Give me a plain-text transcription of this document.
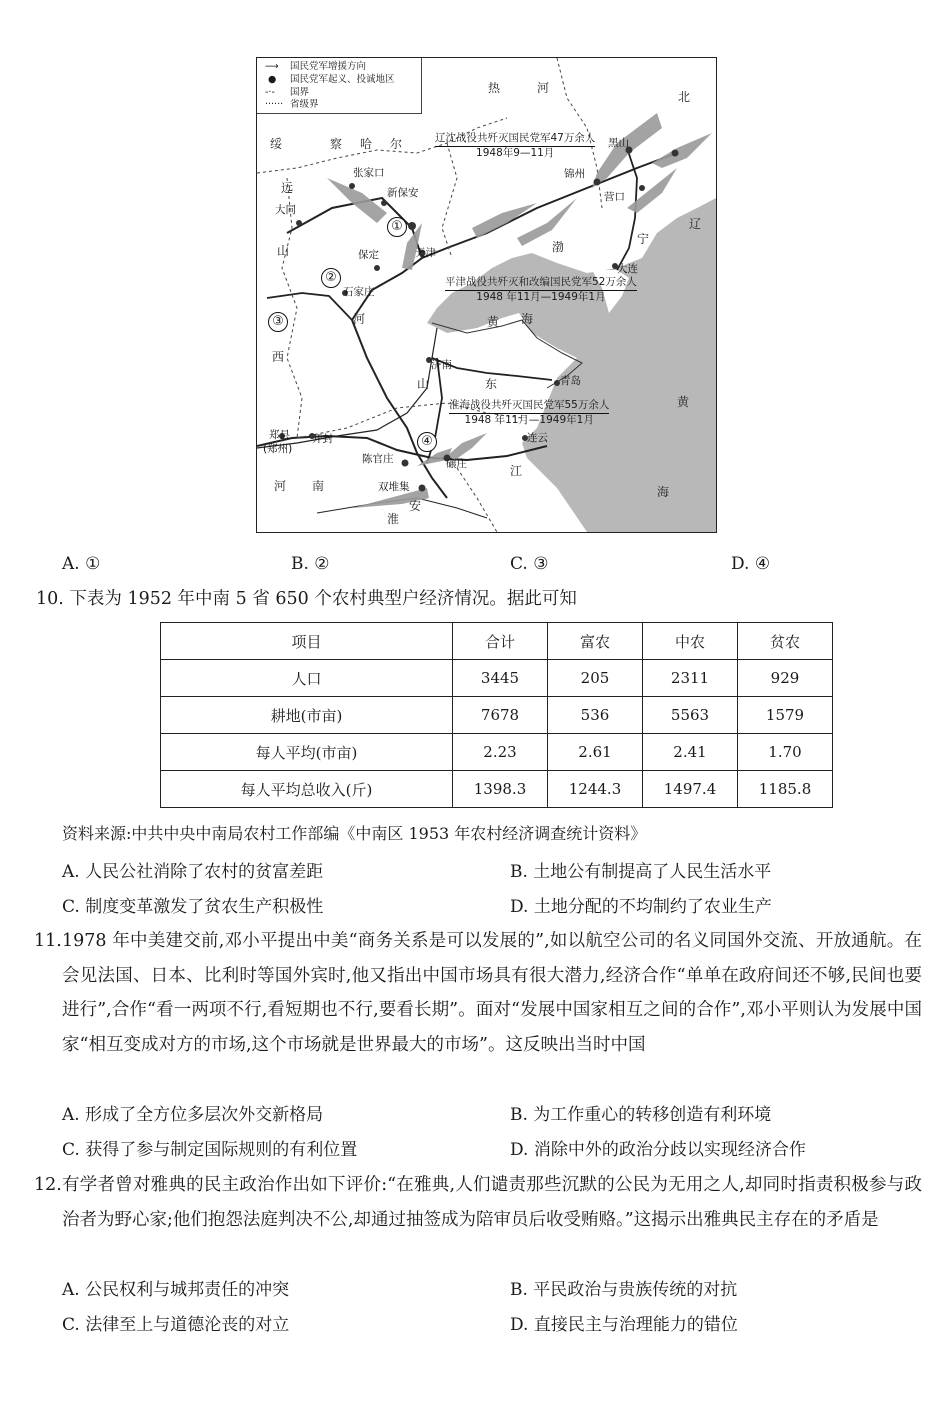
⟶ 国民党军增援方向
● 国民党军起义、投诚地区
-·- 国界
······ 省级界
热	河
北
绥	察 哈 尔
远
山
西
河
山	东
河 南
江
辽
宁
黄 海
渤
黄
海
张家口
新保安
大同
保定	天津
石家庄
锦州
黑山
营口
大连
济南
青岛
郑县
(郑州)
开封
陈官庄	碾庄
双堆集
连云
安
淮
①
②
③
④
辽沈战役共歼灭国民党军47万余人
1948年9—11月
平津战役共歼灭和改编国民党军52万余人
1948 年11月—1949年1月
淮海战役共歼灭国民党军55万余人
1948 年11月—1949年1月
A. ①	B. ②	C. ③	D. ④
10. 下表为 1952 年中南 5 省 650 个农村典型户经济情况。据此可知
项目	合计	富农	中农	贫农
人口	3445	205	2311	929
耕地(市亩)	7678	536	5563	1579
每人平均(市亩)	2.23	2.61	2.41	1.70
每人平均总收入(斤)	1398.3	1244.3	1497.4	1185.8
资料来源:中共中央中南局农村工作部编《中南区 1953 年农村经济调查统计资料》
A. 人民公社消除了农村的贫富差距	B. 土地公有制提高了人民生活水平
C. 制度变革激发了贫农生产积极性	D. 土地分配的不均制约了农业生产
11. 1978 年中美建交前,邓小平提出中美“商务关系是可以发展的”,如以航空公司的名义同国外交流、开放通航。在会见法国、日本、比利时等国外宾时,他又指出中国市场具有很大潜力,经济合作“单单在政府间还不够,民间也要进行”,合作“看一两项不行,看短期也不行,要看长期”。面对“发展中国家相互之间的合作”,邓小平则认为发展中国家“相互变成对方的市场,这个市场就是世界最大的市场”。这反映出当时中国
A. 形成了全方位多层次外交新格局	B. 为工作重心的转移创造有利环境
C. 获得了参与制定国际规则的有利位置	D. 消除中外的政治分歧以实现经济合作
12. 有学者曾对雅典的民主政治作出如下评价:“在雅典,人们谴责那些沉默的公民为无用之人,却同时指责积极参与政治者为野心家;他们抱怨法庭判决不公,却通过抽签成为陪审员后收受贿赂。”这揭示出雅典民主存在的矛盾是
A. 公民权利与城邦责任的冲突	B. 平民政治与贵族传统的对抗
C. 法律至上与道德沦丧的对立	D. 直接民主与治理能力的错位
